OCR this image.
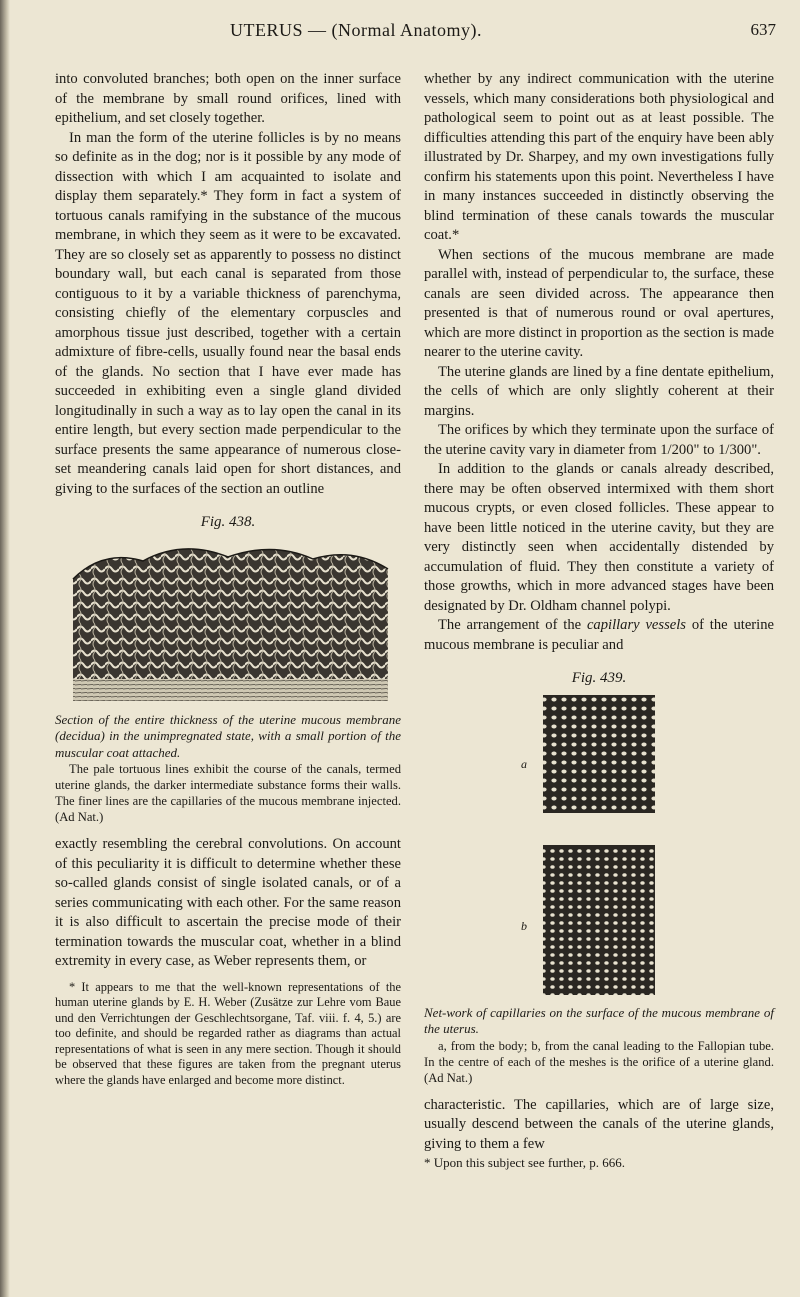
UTERUS — (Normal Anatomy).	637

into convoluted branches; both open on the inner surface of the membrane by small round orifices, lined with epithelium, and set closely together.

In man the form of the uterine follicles is by no means so definite as in the dog; nor is it possible by any mode of dissection with which I am acquainted to isolate and display them separately.* They form in fact a system of tortuous canals ramifying in the substance of the mucous membrane, in which they seem as it were to be excavated. They are so closely set as apparently to possess no distinct boundary wall, but each canal is separated from those contiguous to it by a variable thickness of parenchyma, consisting chiefly of the elementary corpuscles and amorphous tissue just described, together with a certain admixture of fibre-cells, usually found near the basal ends of the glands. No section that I have ever made has succeeded in exhibiting even a single gland divided longitudinally in such a way as to lay open the canal in its entire length, but every section made perpendicular to the surface presents the same appearance of numerous close-set meandering canals laid open for short distances, and giving to the surfaces of the section an outline

Fig. 438.

Section of the entire thickness of the uterine mucous membrane (decidua) in the unimpregnated state, with a small portion of the muscular coat attached.

The pale tortuous lines exhibit the course of the canals, termed uterine glands, the darker intermediate substance forms their walls. The finer lines are the capillaries of the mucous membrane injected. (Ad Nat.)

exactly resembling the cerebral convolutions. On account of this peculiarity it is difficult to determine whether these so-called glands consist of single isolated canals, or of a series communicating with each other. For the same reason it is also difficult to ascertain the precise mode of their termination towards the muscular coat, whether in a blind extremity in every case, as Weber represents them, or

* It appears to me that the well-known representations of the human uterine glands by E. H. Weber (Zusätze zur Lehre vom Baue und den Verrichtungen der Geschlechtsorgane, Taf. viii. f. 4, 5.) are too definite, and should be regarded rather as diagrams than actual representations of what is seen in any mere section. Though it should be observed that these figures are taken from the pregnant uterus where the glands have enlarged and become more distinct.

whether by any indirect communication with the uterine vessels, which many considerations both physiological and pathological seem to point out as at least possible. The difficulties attending this part of the enquiry have been ably illustrated by Dr. Sharpey, and my own investigations fully confirm his statements upon this point. Nevertheless I have in many instances succeeded in distinctly observing the blind termination of these canals towards the muscular coat.*

When sections of the mucous membrane are made parallel with, instead of perpendicular to, the surface, these canals are seen divided across. The appearance then presented is that of numerous round or oval apertures, which are more distinct in proportion as the section is made nearer to the uterine cavity.

The uterine glands are lined by a fine dentate epithelium, the cells of which are only slightly coherent at their margins.

The orifices by which they terminate upon the surface of the uterine cavity vary in diameter from 1/200" to 1/300".

In addition to the glands or canals already described, there may be often observed intermixed with them short mucous crypts, or even closed follicles. These appear to have been little noticed in the uterine cavity, but they are very distinctly seen when accidentally distended by accumulation of fluid. They then constitute a variety of those growths, which in more advanced stages have been designated by Dr. Oldham channel polypi.

The arrangement of the capillary vessels of the uterine mucous membrane is peculiar and

Fig. 439.
a
b

Net-work of capillaries on the surface of the mucous membrane of the uterus.

a, from the body; b, from the canal leading to the Fallopian tube. In the centre of each of the meshes is the orifice of a uterine gland. (Ad Nat.)

characteristic. The capillaries, which are of large size, usually descend between the canals of the uterine glands, giving to them a few

* Upon this subject see further, p. 666.
